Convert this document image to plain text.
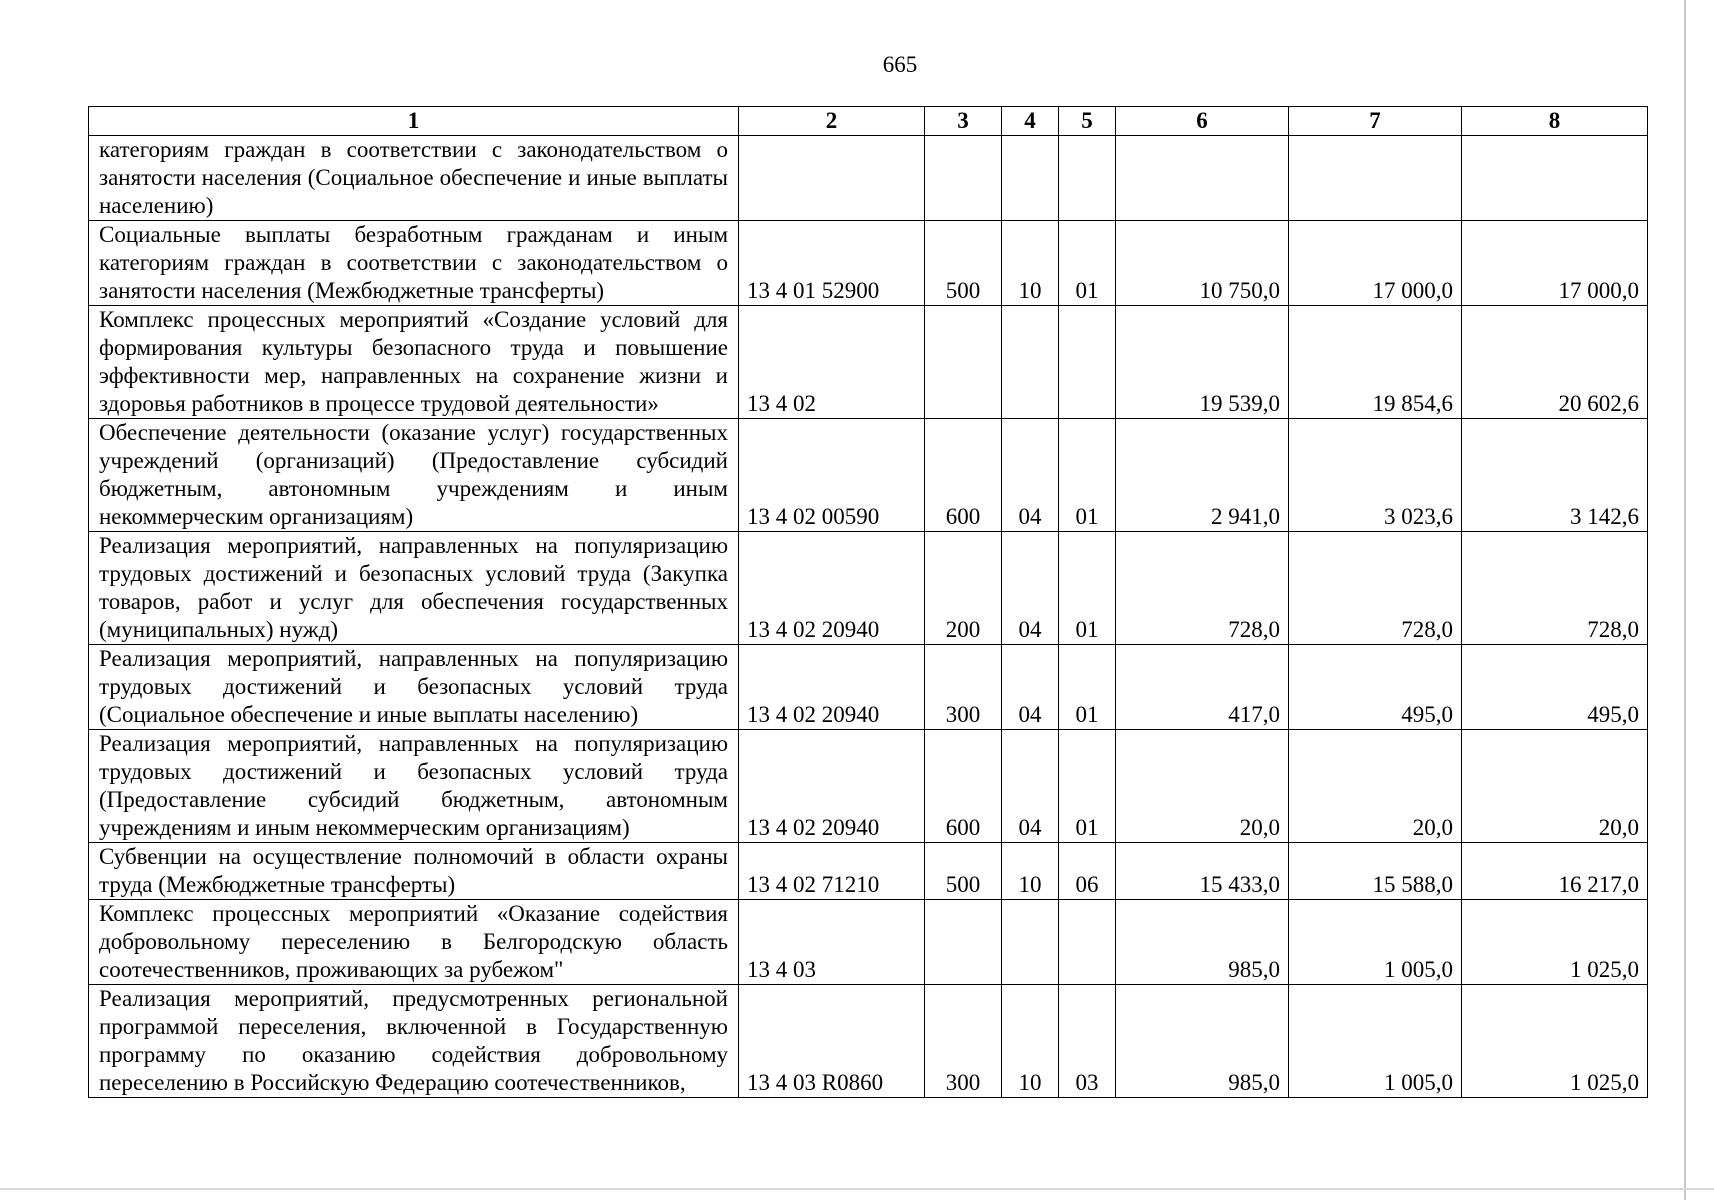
665
1	2	3	4	5	6	7	8
категориям граждан в соответствии с законодательством о занятости населения (Социальное обеспечение и иные выплаты населению)							
Социальные выплаты безработным гражданам и иным категориям граждан в соответствии с законодательством о занятости населения (Межбюджетные трансферты)	13 4 01 52900	500	10	01	10 750,0	17 000,0	17 000,0
Комплекс процессных мероприятий «Создание условий для формирования культуры безопасного труда и повышение эффективности мер, направленных на сохранение жизни и здоровья работников в процессе трудовой деятельности»	13 4 02				19 539,0	19 854,6	20 602,6
Обеспечение деятельности (оказание услуг) государственных учреждений (организаций) (Предоставление субсидий бюджетным, автономным учреждениям и иным некоммерческим организациям)	13 4 02 00590	600	04	01	2 941,0	3 023,6	3 142,6
Реализация мероприятий, направленных на популяризацию трудовых достижений и безопасных условий труда (Закупка товаров, работ и услуг для обеспечения государственных (муниципальных) нужд)	13 4 02 20940	200	04	01	728,0	728,0	728,0
Реализация мероприятий, направленных на популяризацию трудовых достижений и безопасных условий труда (Социальное обеспечение и иные выплаты населению)	13 4 02 20940	300	04	01	417,0	495,0	495,0
Реализация мероприятий, направленных на популяризацию трудовых достижений и безопасных условий труда (Предоставление субсидий бюджетным, автономным учреждениям и иным некоммерческим организациям)	13 4 02 20940	600	04	01	20,0	20,0	20,0
Субвенции на осуществление полномочий в области охраны труда (Межбюджетные трансферты)	13 4 02 71210	500	10	06	15 433,0	15 588,0	16 217,0
Комплекс процессных мероприятий «Оказание содействия добровольному переселению в Белгородскую область соотечественников, проживающих за рубежом"	13 4 03				985,0	1 005,0	1 025,0
Реализация мероприятий, предусмотренных региональной программой переселения, включенной в Государственную программу по оказанию содействия добровольному переселению в Российскую Федерацию соотечественников,	13 4 03 R0860	300	10	03	985,0	1 005,0	1 025,0
